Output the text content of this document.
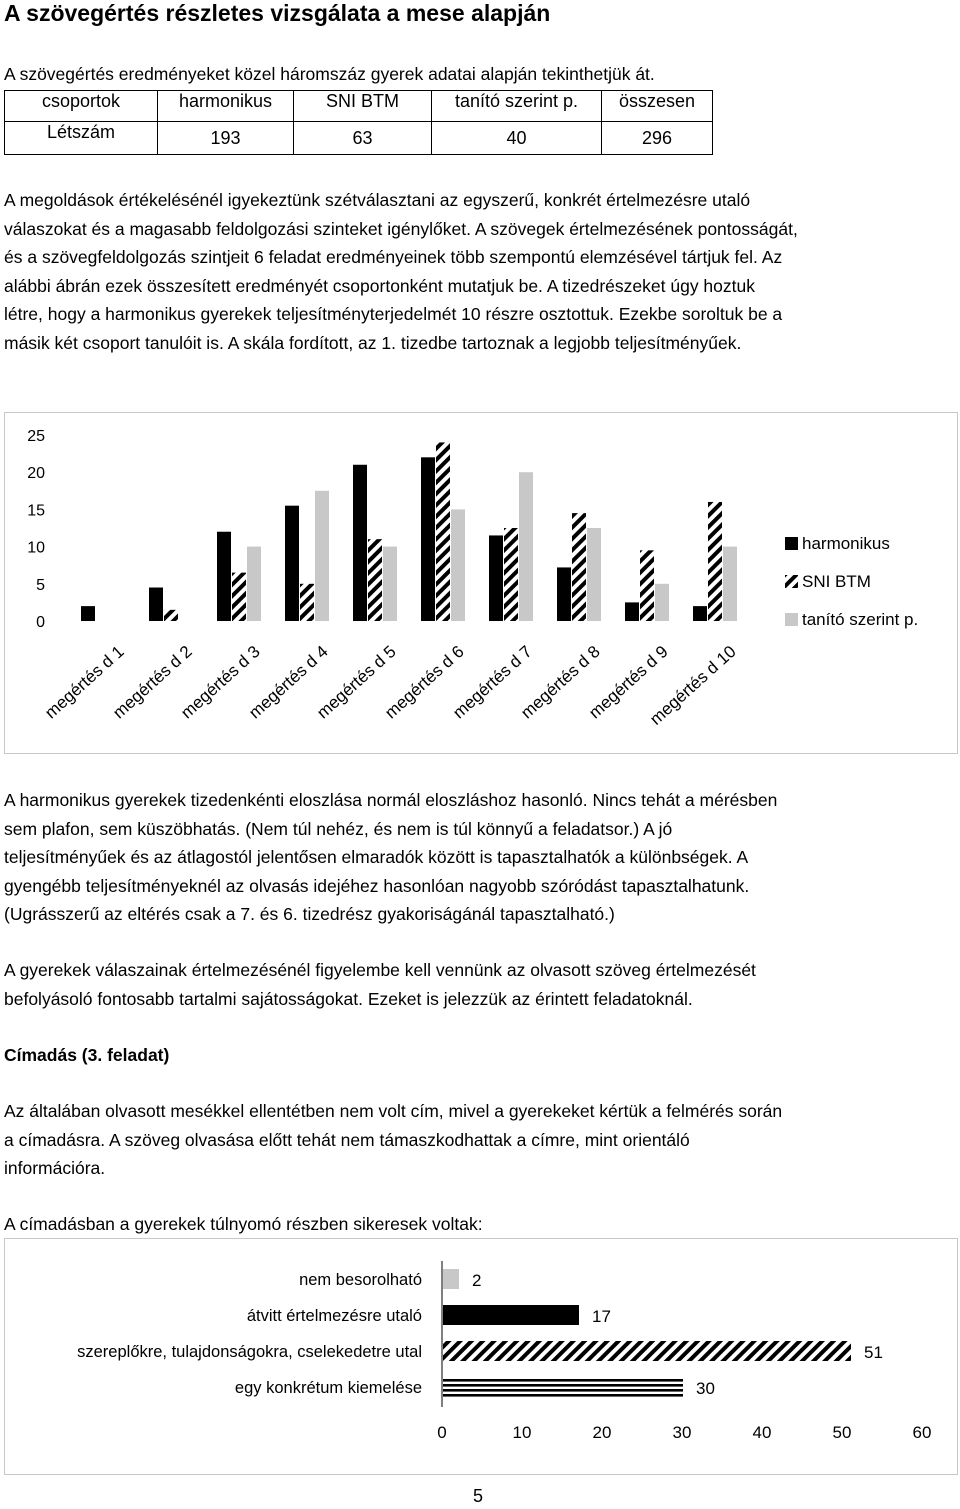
A szövegértés részletes vizsgálata a mese alapján
A szövegértés eredményeket közel háromszáz gyerek adatai alapján tekinthetjük át.
csoportok	harmonikus	SNI BTM	tanító szerint p.	összesen
Létszám	193	63	40	296
A megoldások értékelésénél igyekeztünk szétválasztani az egyszerű, konkrét értelmezésre utaló
válaszokat és a magasabb feldolgozási szinteket igénylőket. A szövegek értelmezésének pontosságát,
és a szövegfeldolgozás szintjeit 6 feladat eredményeinek több szempontú elemzésével tártjuk fel. Az
alábbi ábrán ezek összesített eredményét csoportonként mutatjuk be. A tizedrészeket úgy hoztuk
létre, hogy a harmonikus gyerekek teljesítményterjedelmét 10 részre osztottuk. Ezekbe soroltuk be a
másik két csoport tanulóit is. A skála fordított, az 1. tizedbe tartoznak a legjobb teljesítményűek.
0
5
10
15
20
25
megértés d 1
megértés d 2
megértés d 3
megértés d 4
megértés d 5
megértés d 6
megértés d 7
megértés d 8
megértés d 9
megértés d 10
harmonikus
SNI BTM
tanító szerint p.
A harmonikus gyerekek tizedenkénti eloszlása normál eloszláshoz hasonló. Nincs tehát a mérésben
sem plafon, sem küszöbhatás. (Nem túl nehéz, és nem is túl könnyű a feladatsor.) A jó
teljesítményűek és az átlagostól jelentősen elmaradók között is tapasztalhatók a különbségek. A
gyengébb teljesítményeknél az olvasás idejéhez hasonlóan nagyobb szóródást tapasztalhatunk.
(Ugrásszerű az eltérés csak a 7. és 6. tizedrész gyakoriságánál tapasztalható.)
A gyerekek válaszainak értelmezésénél figyelembe kell vennünk az olvasott szöveg értelmezését
befolyásoló fontosabb tartalmi sajátosságokat. Ezeket is jelezzük az érintett feladatoknál.
Címadás (3. feladat)
Az általában olvasott mesékkel ellentétben nem volt cím, mivel a gyerekeket kértük a felmérés során
a címadásra. A szöveg olvasása előtt tehát nem támaszkodhattak a címre, mint orientáló
információra.
A címadásban a gyerekek túlnyomó részben sikeresek voltak:
0	10	20	30	40	50	60
nem besorolható
átvitt értelmezésre utaló
szereplőkre, tulajdonságokra, cselekedetre utal
egy konkrétum kiemelése
2
17
51
30
5
